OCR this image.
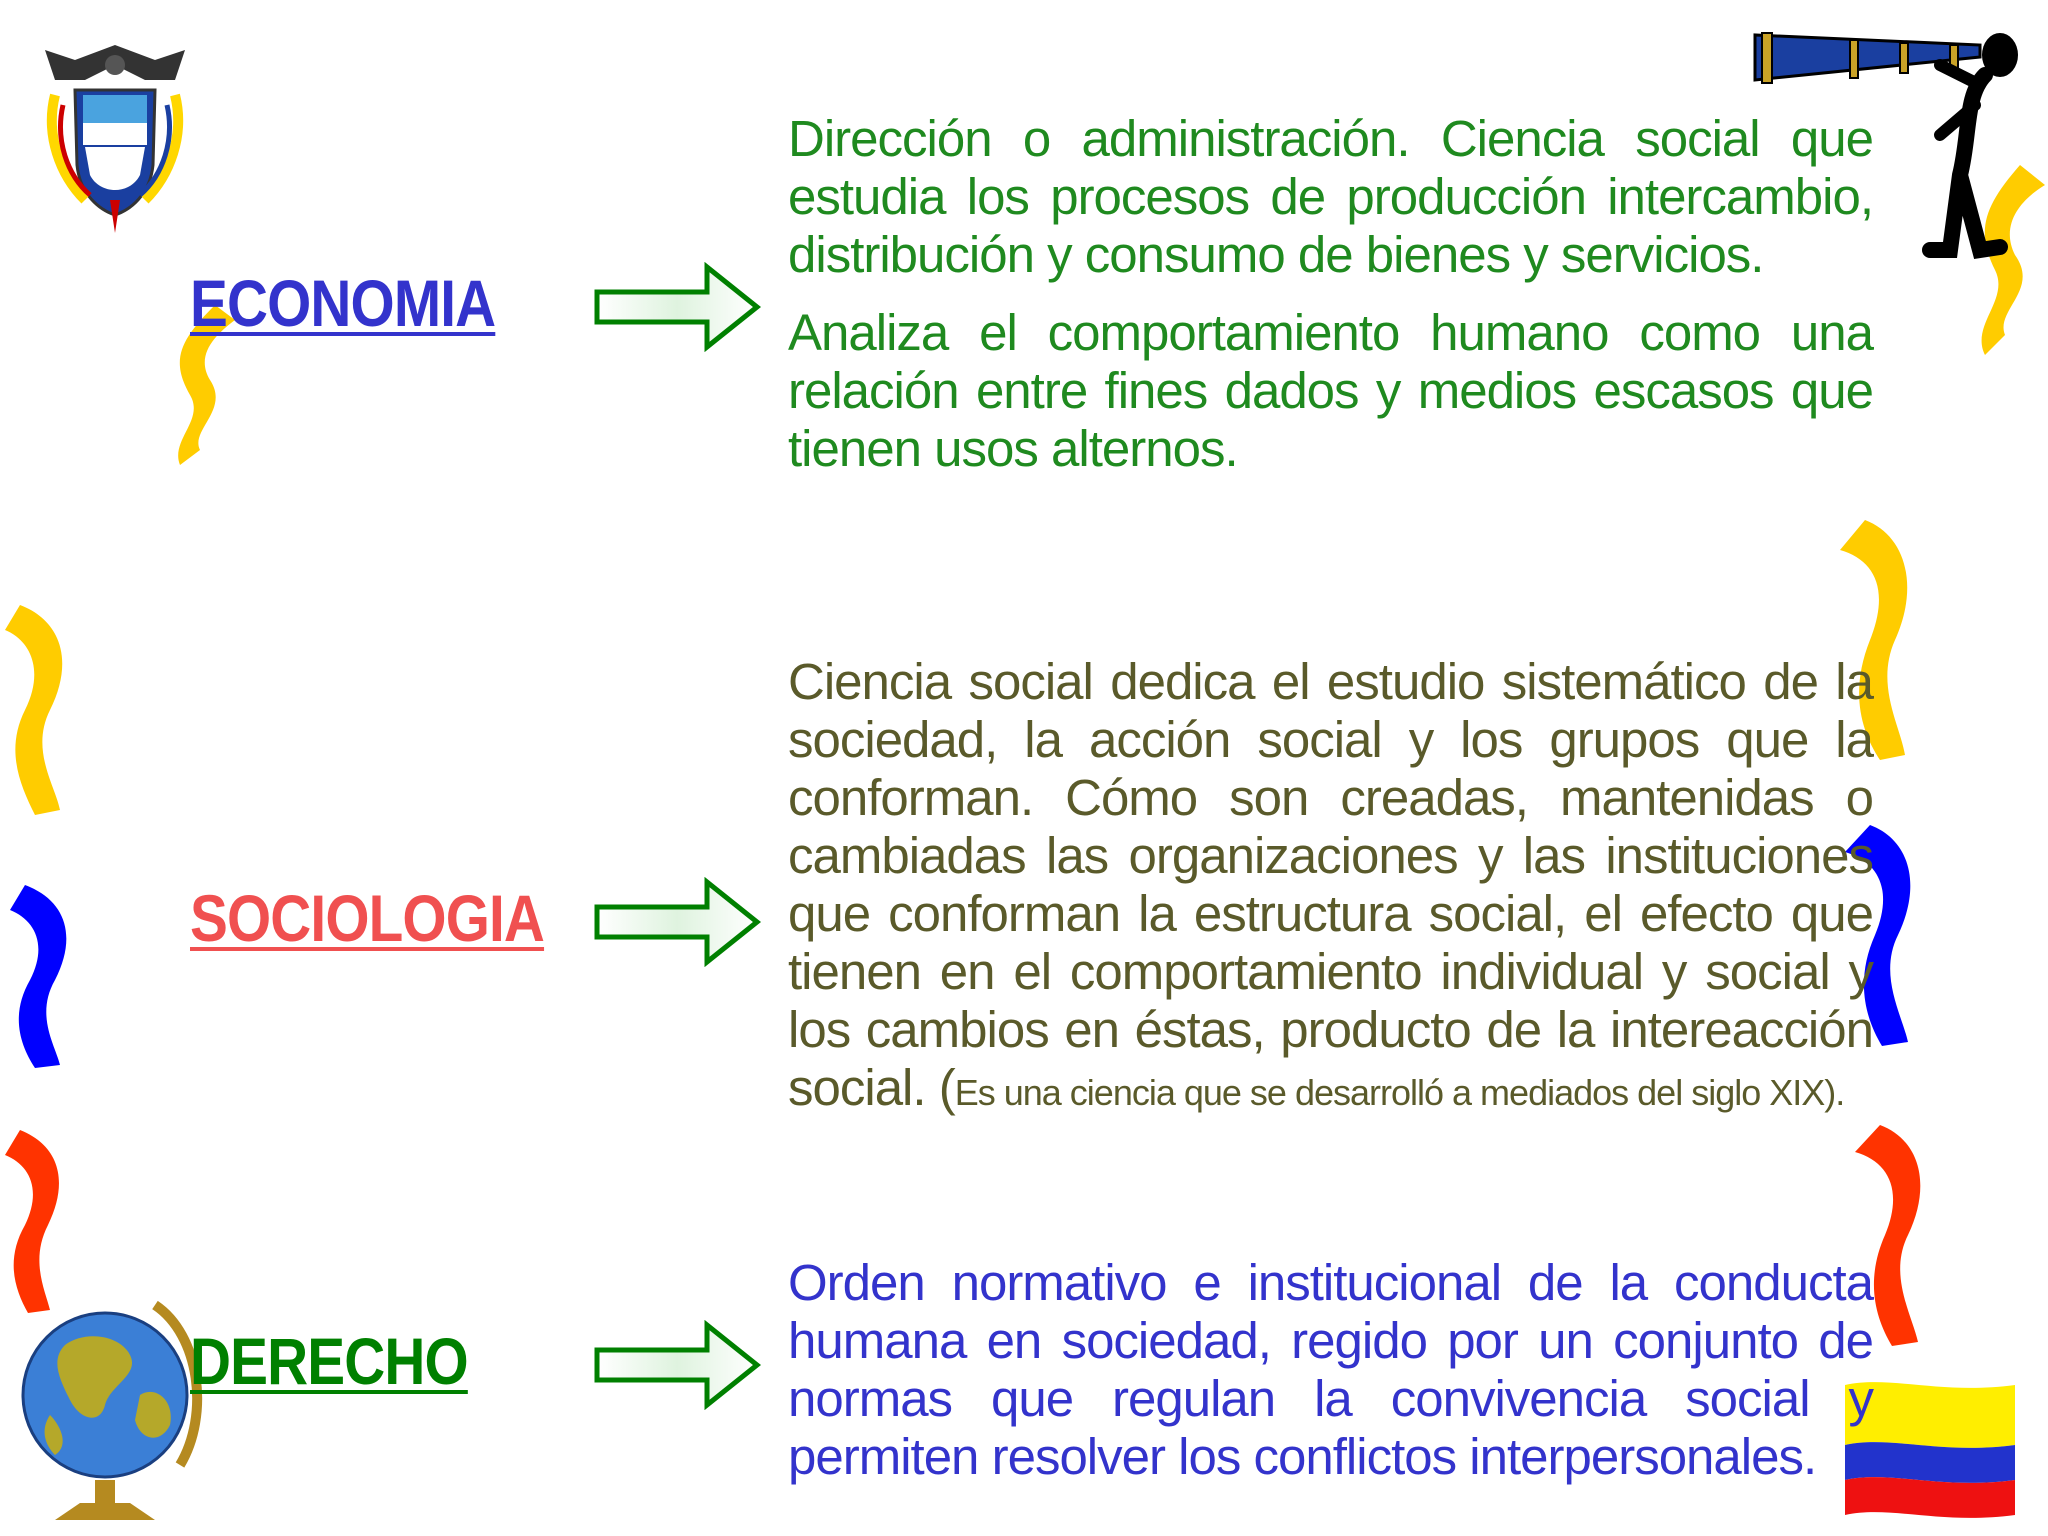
ECONOMIA

Dirección o administración. Ciencia social que estudia los procesos de producción intercambio, distribución y consumo de bienes y servicios.

Analiza el comportamiento humano como una relación entre fines dados y medios escasos que tienen usos alternos.

SOCIOLOGIA

Ciencia social dedica el estudio sistemático de la sociedad, la acción social y los grupos que la conforman. Cómo son creadas, mantenidas o cambiadas las organizaciones y las instituciones que conforman la estructura social, el efecto que tienen en el comportamiento individual y social y los cambios en éstas, producto de la intereacción social. (Es una ciencia que se desarrolló a mediados del siglo XIX).

DERECHO

Orden normativo e institucional de la conducta humana en sociedad, regido por un conjunto de normas que regulan la convivencia social y permiten resolver los conflictos interpersonales.
